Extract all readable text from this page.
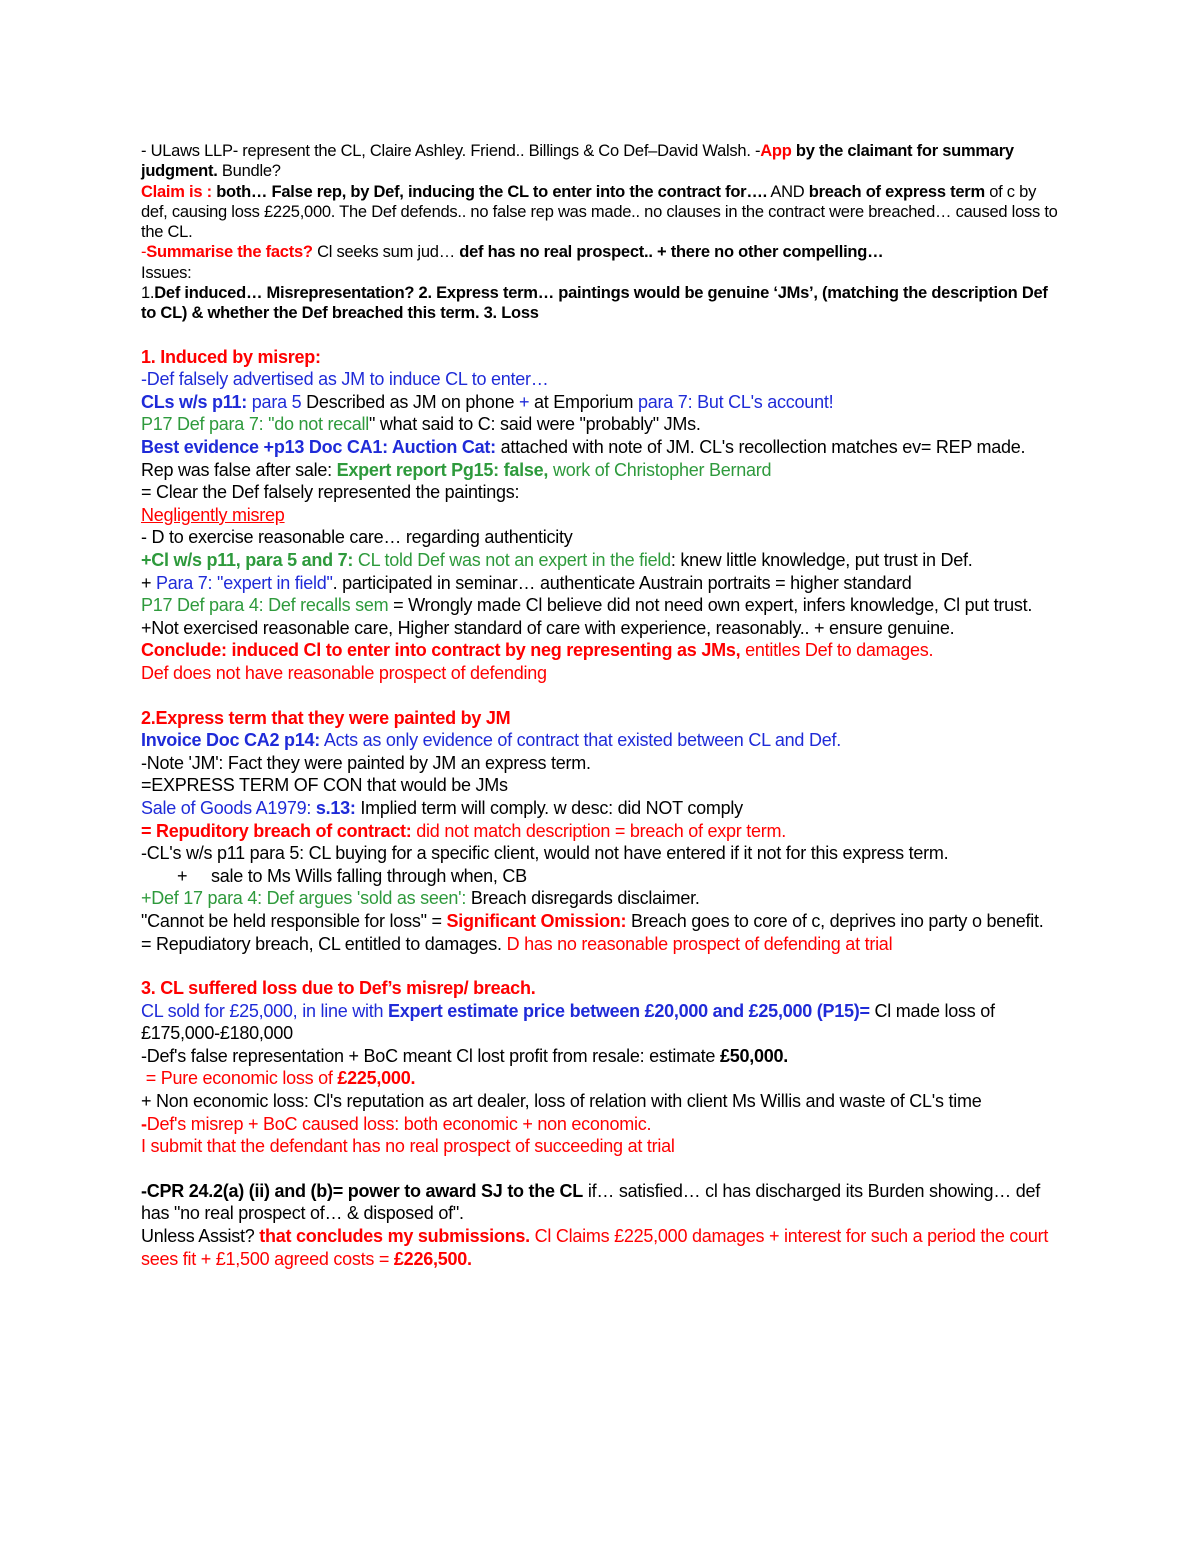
- ULaws LLP- represent the CL, Claire Ashley. Friend.. Billings & Co Def–David Walsh. -App by the claimant for summary judgment. Bundle?

Claim is : both… False rep, by Def, inducing the CL to enter into the contract for…. AND breach of express term of c by def, causing loss £225,000. The Def defends.. no false rep was made.. no clauses in the contract were breached… caused loss to the CL.

-Summarise the facts? Cl seeks sum jud… def has no real prospect.. + there no other compelling…

Issues:

1.Def induced… Misrepresentation? 2. Express term… paintings would be genuine ‘JMs’, (matching the description Def to CL) & whether the Def breached this term. 3. Loss

1. Induced by misrep:

-Def falsely advertised as JM to induce CL to enter…

CLs w/s p11: para 5 Described as JM on phone + at Emporium para 7: But CL's account!

P17 Def para 7: "do not recall" what said to C: said were "probably" JMs.

Best evidence +p13 Doc CA1: Auction Cat: attached with note of JM. CL's recollection matches ev= REP made.

Rep was false after sale: Expert report Pg15: false, work of Christopher Bernard

= Clear the Def falsely represented the paintings:

Negligently misrep

- D to exercise reasonable care… regarding authenticity

+Cl w/s p11, para 5 and 7: CL told Def was not an expert in the field: knew little knowledge, put trust in Def.

+ Para 7: "expert in field". participated in seminar… authenticate Austrain portraits = higher standard

P17 Def para 4: Def recalls sem = Wrongly made Cl believe did not need own expert, infers knowledge, Cl put trust.

+Not exercised reasonable care, Higher standard of care with experience, reasonably.. + ensure genuine.

Conclude: induced Cl to enter into contract by neg representing as JMs, entitles Def to damages.

Def does not have reasonable prospect of defending

2.Express term that they were painted by JM

Invoice Doc CA2 p14: Acts as only evidence of contract that existed between CL and Def.

-Note 'JM': Fact they were painted by JM an express term.

=EXPRESS TERM OF CON that would be JMs

Sale of Goods A1979: s.13: Implied term will comply. w desc: did NOT comply

= Repuditory breach of contract: did not match description = breach of expr term.

-CL's w/s p11 para 5: CL buying for a specific client, would not have entered if it not for this express term.

+     sale to Ms Wills falling through when, CB

+Def 17 para 4: Def argues 'sold as seen': Breach disregards disclaimer.

"Cannot be held responsible for loss" = Significant Omission: Breach goes to core of c, deprives ino party o benefit.

= Repudiatory breach, CL entitled to damages. D has no reasonable prospect of defending at trial

3. CL suffered loss due to Def’s misrep/ breach.

CL sold for £25,000, in line with Expert estimate price between £20,000 and £25,000 (P15)= Cl made loss of £175,000-£180,000

-Def's false representation + BoC meant Cl lost profit from resale: estimate £50,000.

= Pure economic loss of £225,000.

+ Non economic loss: Cl's reputation as art dealer, loss of relation with client Ms Willis and waste of CL's time

-Def's misrep + BoC caused loss: both economic + non economic.

I submit that the defendant has no real prospect of succeeding at trial

-CPR 24.2(a) (ii) and (b)= power to award SJ to the CL if… satisfied… cl has discharged its Burden showing… def has "no real prospect of… & disposed of".

Unless Assist? that concludes my submissions. Cl Claims £225,000 damages + interest for such a period the court sees fit + £1,500 agreed costs = £226,500.
